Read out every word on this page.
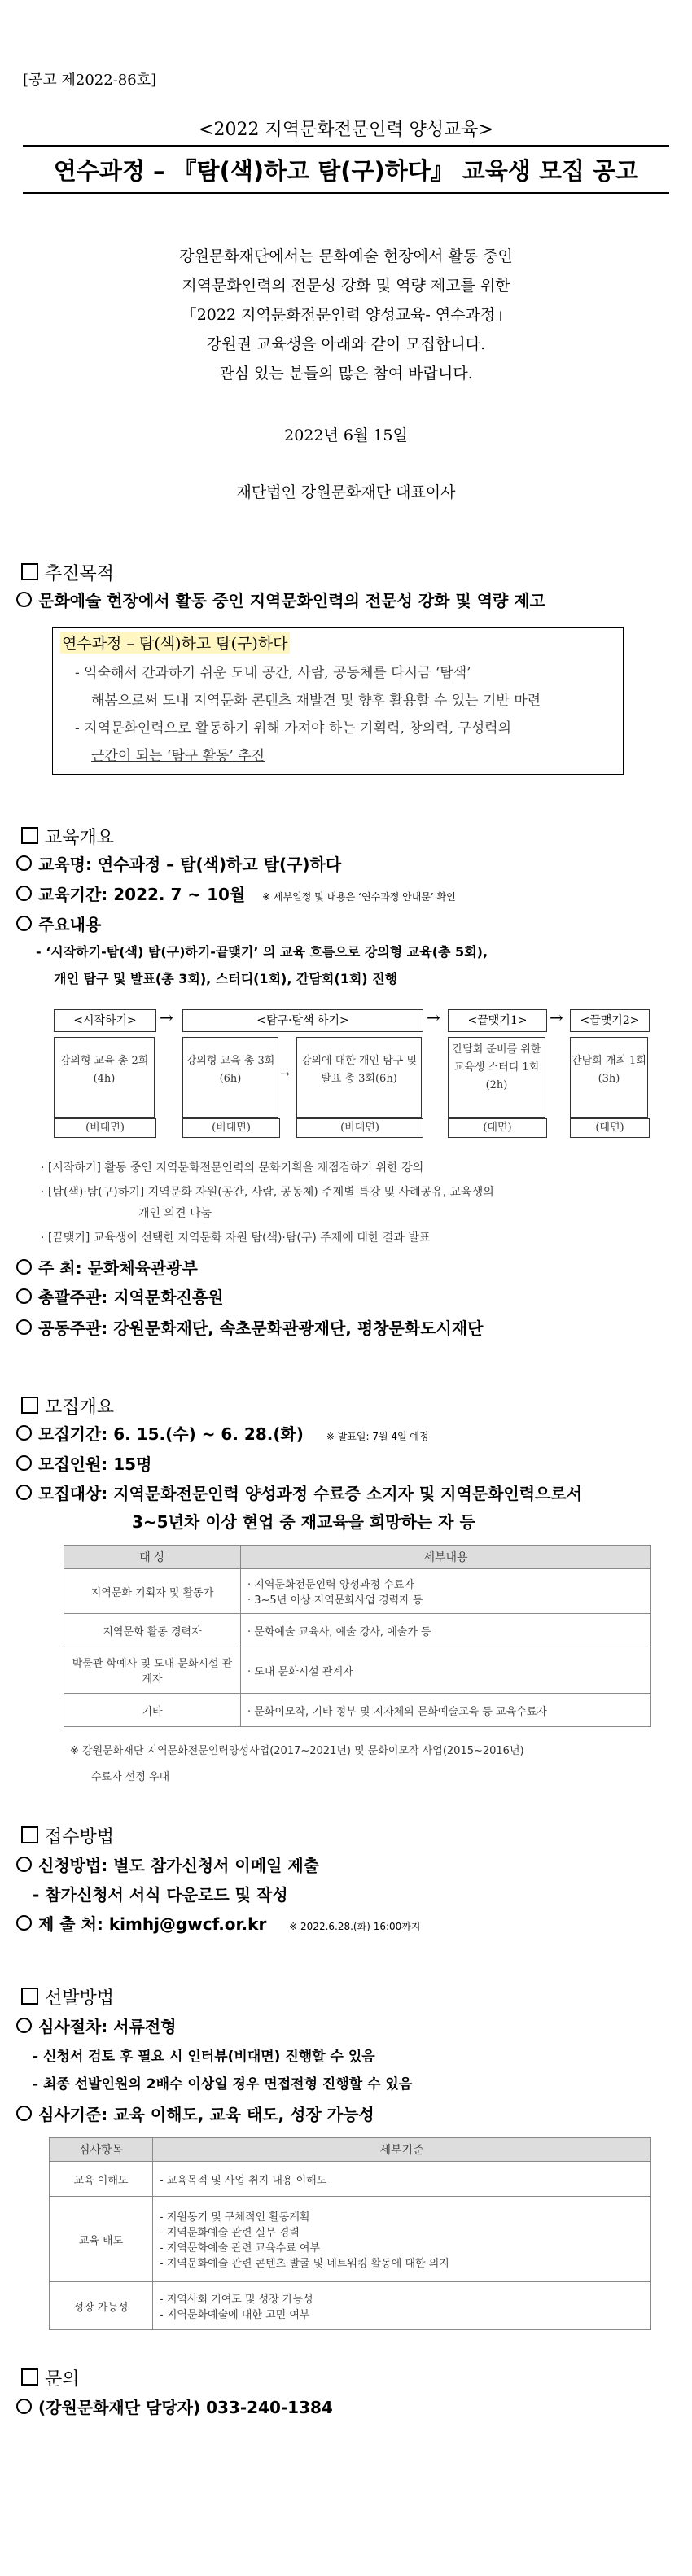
[공고 제2022-86호]
<2022 지역문화전문인력 양성교육>
연수과정 – 『탐(색)하고 탐(구)하다』 교육생 모집 공고
강원문화재단에서는 문화예술 현장에서 활동 중인
지역문화인력의 전문성 강화 및 역량 제고를 위한
「2022 지역문화전문인력 양성교육- 연수과정」
강원권 교육생을 아래와 같이 모집합니다.
관심 있는 분들의 많은 참여 바랍니다.
2022년 6월 15일
재단법인 강원문화재단 대표이사
추진목적
문화예술 현장에서 활동 중인 지역문화인력의 전문성 강화 및 역량 제고
연수과정 – 탐(색)하고 탐(구)하다
- 익숙해서 간과하기 쉬운 도내 공간, 사람, 공동체를 다시금 ‘탐색’
해봄으로써 도내 지역문화 콘텐츠 재발견 및 향후 활용할 수 있는 기반 마련
- 지역문화인력으로 활동하기 위해 가져야 하는 기획력, 창의력, 구성력의
근간이 되는 ‘탐구 활동’ 추진
교육개요
교육명: 연수과정 – 탐(색)하고 탐(구)하다
교육기간: 2022. 7 ~ 10월 ※ 세부일정 및 내용은 ‘연수과정 안내문’ 확인
주요내용
- ‘시작하기-탐(색) 탐(구)하기-끝맺기’ 의 교육 흐름으로 강의형 교육(총 5회),
개인 탐구 및 발표(총 3회), 스터디(1회), 간담회(1회) 진행
<시작하기>	<탐구·탐색 하기>	<끝맺기1>	<끝맺기2>
→	→	→
강의형 교육 총 2회 (4h)
강의형 교육 총 3회 (6h)	→
강의에 대한 개인 탐구 및 발표 총 3회(6h)
간담회 준비를 위한 교육생 스터디 1회(2h)
간담회 개최 1회 (3h)
(비대면)	(비대면)	(비대면)	(대면)	(대면)
· [시작하기] 활동 중인 지역문화전문인력의 문화기획을 재점검하기 위한 강의
· [탐(색)·탐(구)하기] 지역문화 자원(공간, 사람, 공동체) 주제별 특강 및 사례공유, 교육생의
개인 의견 나눔
· [끝맺기] 교육생이 선택한 지역문화 자원 탐(색)·탐(구) 주제에 대한 결과 발표
주 최: 문화체육관광부
총괄주관: 지역문화진흥원
공동주관: 강원문화재단, 속초문화관광재단, 평창문화도시재단
모집개요
모집기간: 6. 15.(수) ~ 6. 28.(화) ※ 발표일: 7월 4일 예정
모집인원: 15명
모집대상: 지역문화전문인력 양성과정 수료증 소지자 및 지역문화인력으로서
3~5년차 이상 현업 중 재교육을 희망하는 자 등
대 상	세부내용
지역문화 기획자 및 활동가	· 지역문화전문인력 양성과정 수료자
· 3~5년 이상 지역문화사업 경력자 등

지역문화 활동 경력자	· 문화예술 교육사, 예술 강사, 예술가 등
박물관 학예사 및 도내 문화시설 관계자	· 도내 문화시설 관계자
기타	· 문화이모작, 기타 정부 및 지자체의 문화예술교육 등 교육수료자
※ 강원문화재단 지역문화전문인력양성사업(2017~2021년) 및 문화이모작 사업(2015~2016년)
수료자 선정 우대
접수방법
신청방법: 별도 참가신청서 이메일 제출
- 참가신청서 서식 다운로드 및 작성
제 출 처: kimhj@gwcf.or.kr ※ 2022.6.28.(화) 16:00까지
선발방법
심사절차: 서류전형
- 신청서 검토 후 필요 시 인터뷰(비대면) 진행할 수 있음
- 최종 선발인원의 2배수 이상일 경우 면접전형 진행할 수 있음
심사기준: 교육 이해도, 교육 태도, 성장 가능성
심사항목	세부기준
교육 이해도	- 교육목적 및 사업 취지 내용 이해도
교육 태도	- 지원동기 및 구체적인 활동계획
- 지역문화예술 관련 실무 경력
- 지역문화예술 관련 교육수료 여부
- 지역문화예술 관련 콘텐츠 발굴 및 네트워킹 활동에 대한 의지

성장 가능성	- 지역사회 기여도 및 성장 가능성
- 지역문화예술에 대한 고민 여부
문의
(강원문화재단 담당자) 033-240-1384
